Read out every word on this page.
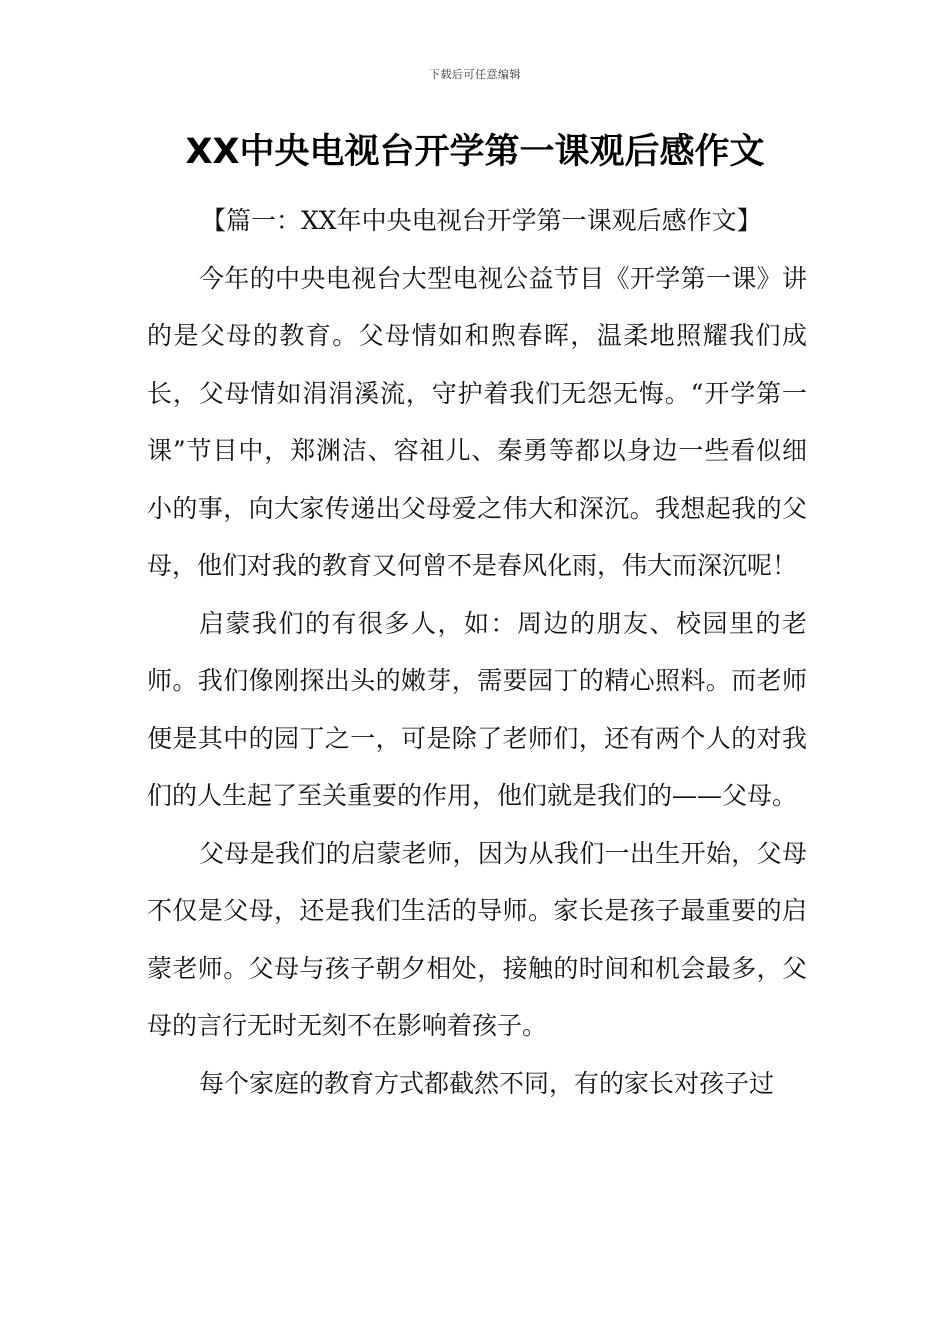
下载后可任意编辑
XX中央电视台开学第一课观后感作文

【篇一：XX年中央电视台开学第一课观后感作文】

今年的中央电视台大型电视公益节目《开学第一课》讲的是父母的教育。父母情如和煦春晖，温柔地照耀我们成长，父母情如涓涓溪流，守护着我们无怨无悔。“开学第一课”节目中，郑渊洁、容祖儿、秦勇等都以身边一些看似细小的事，向大家传递出父母爱之伟大和深沉。我想起我的父母，他们对我的教育又何曾不是春风化雨，伟大而深沉呢！

启蒙我们的有很多人，如：周边的朋友、校园里的老师。我们像刚探出头的嫩芽，需要园丁的精心照料。而老师便是其中的园丁之一，可是除了老师们，还有两个人的对我们的人生起了至关重要的作用，他们就是我们的——父母。

父母是我们的启蒙老师，因为从我们一出生开始，父母不仅是父母，还是我们生活的导师。家长是孩子最重要的启蒙老师。父母与孩子朝夕相处，接触的时间和机会最多，父母的言行无时无刻不在影响着孩子。

每个家庭的教育方式都截然不同，有的家长对孩子过
